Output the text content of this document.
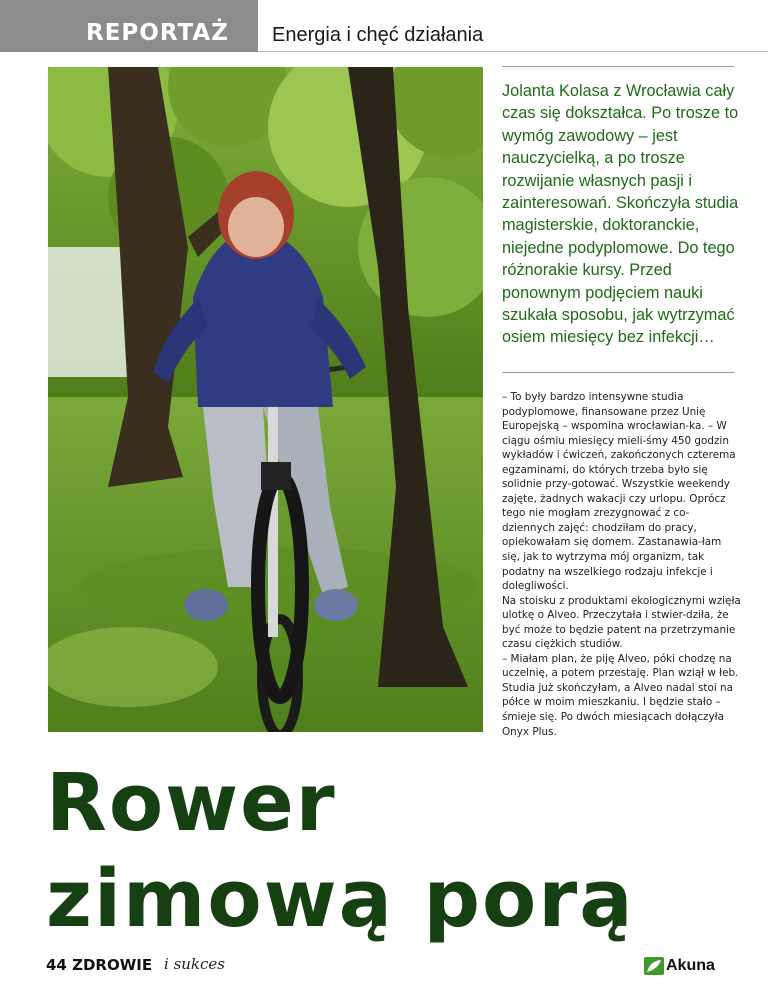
REPORTAŻ Energia i chęć działania
Jolanta Kolasa z Wrocławia cały czas się dokształca. Po trosze to wymóg zawodowy – jest nauczycielką, a po trosze rozwijanie własnych pasji i zainteresowań. Skończyła studia magisterskie, doktoranckie, niejedne podyplomowe. Do tego różnorakie kursy. Przed ponownym podjęciem nauki szukała sposobu, jak wytrzymać osiem miesięcy bez infekcji…
– To były bardzo intensywne studia podyplomowe, finansowane przez Unię Europejską – wspomina wrocławian-ka. – W ciągu ośmiu miesięcy mieli-śmy 450 godzin wykładów i ćwiczeń, zakończonych czterema egzaminami, do których trzeba było się solidnie przy-gotować. Wszystkie weekendy zajęte, żadnych wakacji czy urlopu. Oprócz tego nie mogłam zrezygnować z co-dziennych zajęć: chodziłam do pracy, opiekowałam się domem. Zastanawia-łam się, jak to wytrzyma mój organizm, tak podatny na wszelkiego rodzaju infekcje i dolegliwości.
Na stoisku z produktami ekologicznymi wzięła ulotkę o Alveo. Przeczytała i stwier-dziła, że być może to będzie patent na przetrzymanie czasu ciężkich studiów.
– Miałam plan, że piję Alveo, póki chodzę na uczelnię, a potem przestaję. Plan wziął w łeb. Studia już skończyłam, a Alveo nadal stoi na półce w moim mieszkaniu. I będzie stało – śmieje się. Po dwóch miesiącach dołączyła Onyx Plus.
Rower
zimową porą
44 ZDROWIE i sukces	Akuna
